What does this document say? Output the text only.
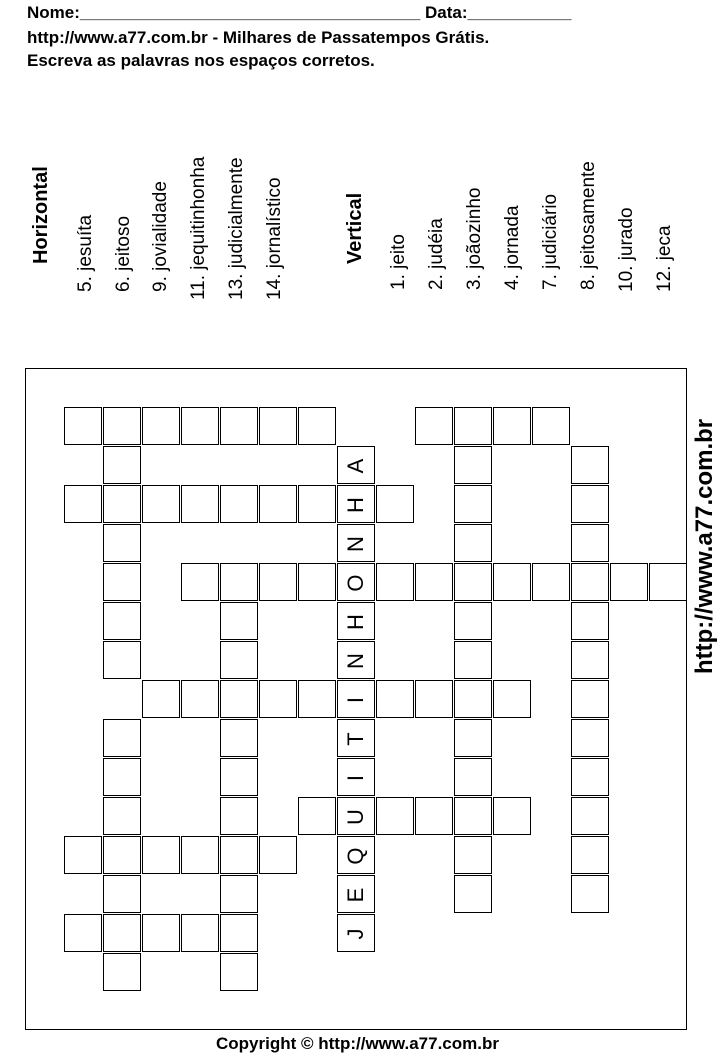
Nome:____________________________________ Data:___________
http://www.a77.com.br - Milhares de Passatempos Grátis.
Escreva as palavras nos espaços corretos.
Horizontal 5. jesuíta 6. jeitoso 9. jovialidade 11. jequitinhonha 13. judicialmente 14. jornalístico	Vertical 1. jeito 2. judéia 3. joãozinho 4. jornada 7. judiciário 8. jeitosamente 10. jurado 12. jeca
A
H
N
O
H
N
I
T
I
U
Q
E
J
http://www.a77.com.br
Copyright © http://www.a77.com.br
